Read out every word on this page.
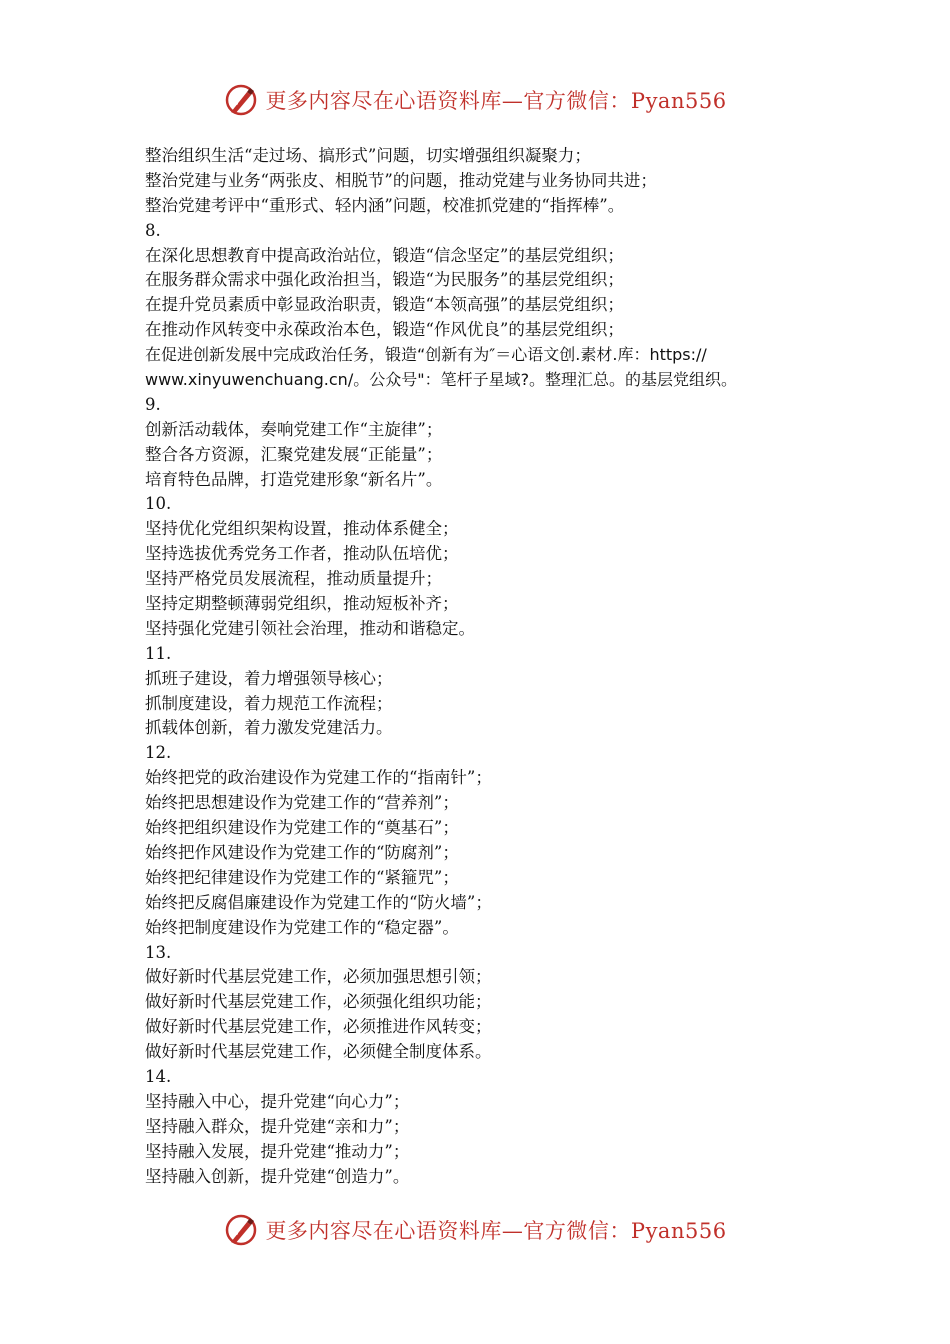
更多内容尽在心语资料库—官方微信：Pyan556
整治组织生活“走过场、搞形式”问题，切实增强组织凝聚力；
整治党建与业务“两张皮、相脱节”的问题，推动党建与业务协同共进；
整治党建考评中“重形式、轻内涵”问题，校准抓党建的“指挥棒”。
8.
在深化思想教育中提高政治站位，锻造“信念坚定”的基层党组织；
在服务群众需求中强化政治担当，锻造“为民服务”的基层党组织；
在提升党员素质中彰显政治职责，锻造“本领高强”的基层党组织；
在推动作风转变中永葆政治本色，锻造“作风优良”的基层党组织；
在促进创新发展中完成政治任务，锻造“创新有为″＝心语文创.素材.库：https://
www.xinyuwenchuang.cn/。公众号"：笔杆子星域?。整理汇总。的基层党组织。
9.
创新活动载体，奏响党建工作“主旋律”；
整合各方资源，汇聚党建发展“正能量”；
培育特色品牌，打造党建形象“新名片”。
10.
坚持优化党组织架构设置，推动体系健全；
坚持选拔优秀党务工作者，推动队伍培优；
坚持严格党员发展流程，推动质量提升；
坚持定期整顿薄弱党组织，推动短板补齐；
坚持强化党建引领社会治理，推动和谐稳定。
11.
抓班子建设，着力增强领导核心；
抓制度建设，着力规范工作流程；
抓载体创新，着力激发党建活力。
12.
始终把党的政治建设作为党建工作的“指南针”；
始终把思想建设作为党建工作的“营养剂”；
始终把组织建设作为党建工作的“奠基石”；
始终把作风建设作为党建工作的“防腐剂”；
始终把纪律建设作为党建工作的“紧箍咒”；
始终把反腐倡廉建设作为党建工作的“防火墙”；
始终把制度建设作为党建工作的“稳定器”。
13.
做好新时代基层党建工作，必须加强思想引领；
做好新时代基层党建工作，必须强化组织功能；
做好新时代基层党建工作，必须推进作风转变；
做好新时代基层党建工作，必须健全制度体系。
14.
坚持融入中心，提升党建“向心力”；
坚持融入群众，提升党建“亲和力”；
坚持融入发展，提升党建“推动力”；
坚持融入创新，提升党建“创造力”。
更多内容尽在心语资料库—官方微信：Pyan556
